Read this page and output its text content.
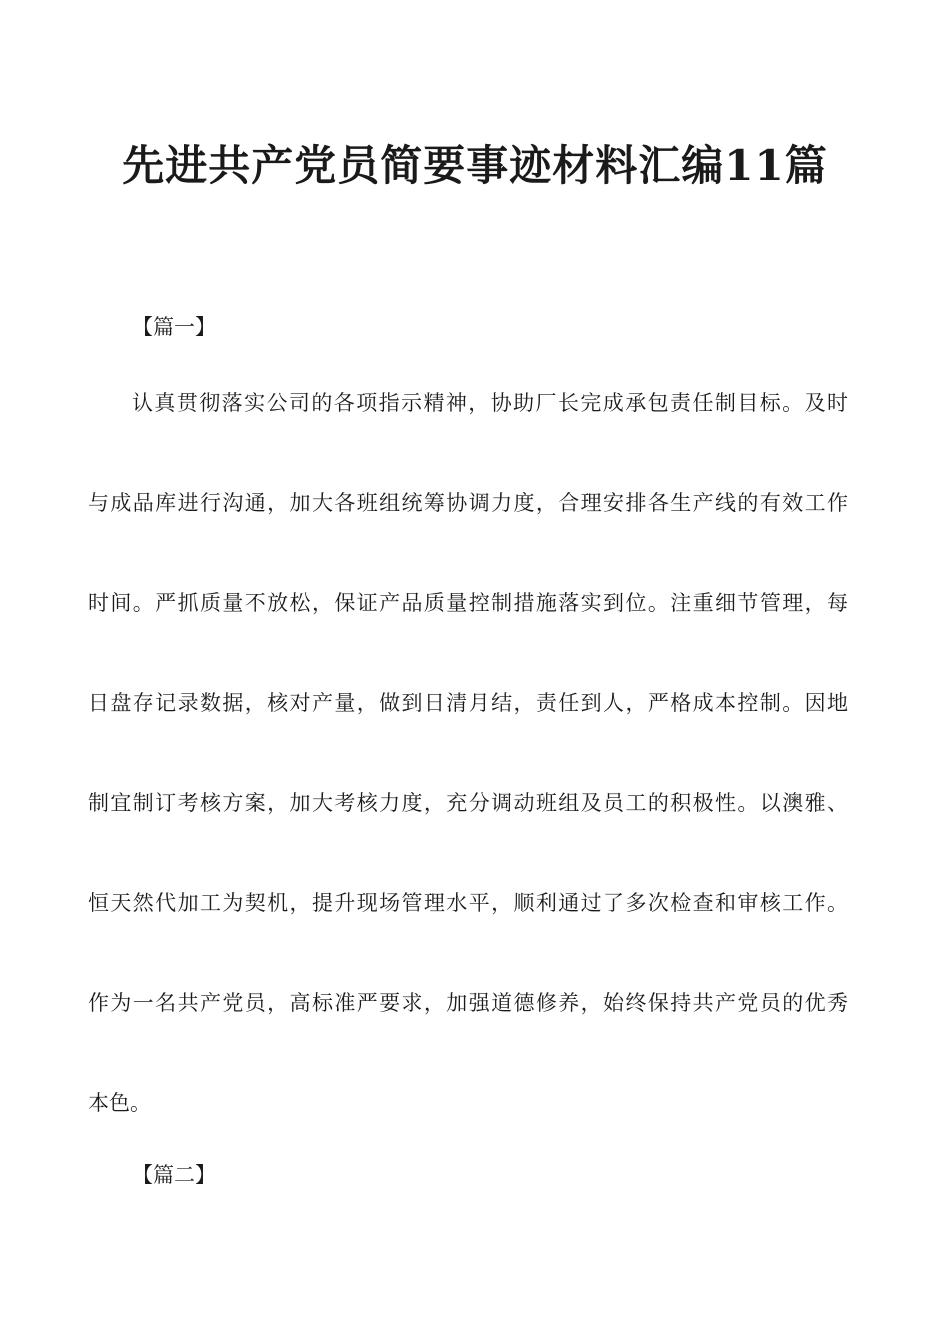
先进共产党员简要事迹材料汇编11篇

【篇一】

认真贯彻落实公司的各项指示精神，协助厂长完成承包责任制目标。及时

与成品库进行沟通，加大各班组统筹协调力度，合理安排各生产线的有效工作

时间。严抓质量不放松，保证产品质量控制措施落实到位。注重细节管理，每

日盘存记录数据，核对产量，做到日清月结，责任到人，严格成本控制。因地

制宜制订考核方案，加大考核力度，充分调动班组及员工的积极性。以澳雅、

恒天然代加工为契机，提升现场管理水平，顺利通过了多次检查和审核工作。

作为一名共产党员，高标准严要求，加强道德修养，始终保持共产党员的优秀

本色。

【篇二】
